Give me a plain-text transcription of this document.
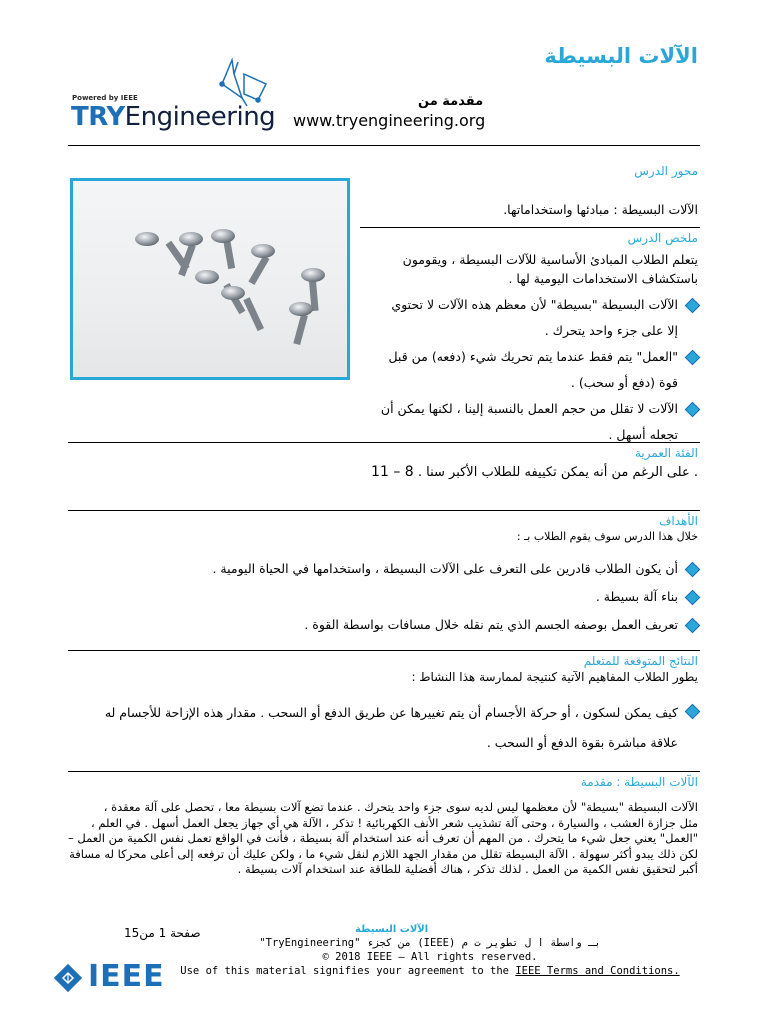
الآلات البسيطة
Powered by IEEE
TRYEngineering
مقدمة من
www.tryengineering.org
محور الدرس
الآلات البسيطة : مبادئها واستخداماتها.
ملخص الدرس
يتعلم الطلاب المبادئ الأساسية للآلات البسيطة ، ويقومون
باستكشاف الاستخدامات اليومية لها .
الآلات البسيطة "بسيطة" لأن معظم هذه الآلات لا تحتوي إلا على جزء واحد يتحرك .
"العمل" يتم فقط عندما يتم تحريك شيء (دفعه) من قبل قوة (دفع أو سحب) .
الآلات لا تقلل من حجم العمل بالنسبة إلينا ، لكنها يمكن أن تجعله أسهل .
الفئة العمرية
. على الرغم من أنه يمكن تكييفه للطلاب الأكبر سنا . 8 – 11
الأهداف
خلال هذا الدرس سوف يقوم الطلاب بـ :
أن يكون الطلاب قادرين على التعرف على الآلات البسيطة ، واستخدامها في الحياة اليومية .
بناء آلة بسيطة .
تعريف العمل بوصفه الجسم الذي يتم نقله خلال مسافات بواسطة القوة .
النتائج المتوقعة للمتعلم
يطور الطلاب المفاهيم الآتية كنتيجة لممارسة هذا النشاط :
كيف يمكن لسكون ، أو حركة الأجسام أن يتم تغييرها عن طريق الدفع أو السحب . مقدار هذه الإزاحة للأجسام له علاقة مباشرة بقوة الدفع أو السحب .
الآلات البسيطة : مقدمة
الآلات البسيطة "بسيطة" لأن معظمها ليس لديه سوى جزء واحد يتحرك . عندما تضع آلات بسيطة معا ، تحصل على آلة معقدة ،
مثل جزازة العشب ، والسيارة ، وحتى آلة تشذيب شعر الأنف الكهربائية ! تذكر ، الآلة هي أي جهاز يجعل العمل أسهل . في العلم ،
"العمل" يعني جعل شيء ما يتحرك . من المهم أن تعرف أنه عند استخدام آلة بسيطة ، فأنت في الواقع تعمل نفس الكمية من العمل –
لكن ذلك يبدو أكثر سهولة . الآلة البسيطة تقلل من مقدار الجهد اللازم لنقل شيء ما ، ولكن عليك أن ترفعه إلى أعلى محركا له مسافة
أكبر لتحقيق نفس الكمية من العمل . لذلك تذكر ، هناك أفضلية للطاقة عند استخدام آلات بسيطة .
الآلات البسيطة
صفحة 1 من15
"TryEngineering" من كجزء (IEEE) بـ واسطة ا ل تطوير ت م
© 2018 IEEE – All rights reserved.
Use of this material signifies your agreement to the IEEE Terms and Conditions.
IEEE
